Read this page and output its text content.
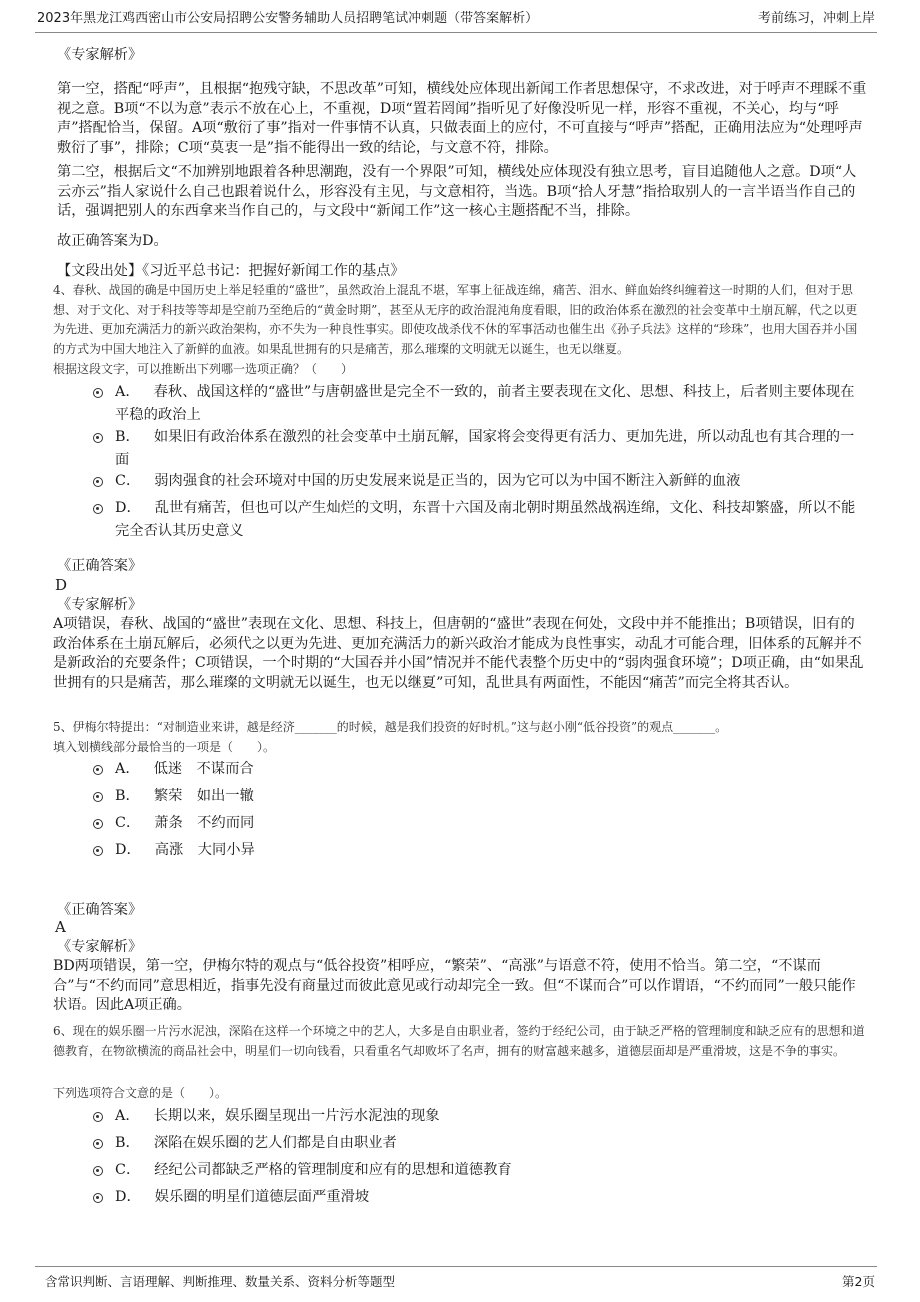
2023年黑龙江鸡西密山市公安局招聘公安警务辅助人员招聘笔试冲刺题（带答案解析）	考前练习，冲刺上岸
《专家解析》

第一空，搭配“呼声”，且根据“抱残守缺，不思改革”可知，横线处应体现出新闻工作者思想保守，不求改进，对于呼声不理睬不重视之意。B项“不以为意”表示不放在心上，不重视，D项“置若罔闻”指听见了好像没听见一样，形容不重视，不关心，均与“呼声”搭配恰当，保留。A项“敷衍了事”指对一件事情不认真，只做表面上的应付，不可直接与“呼声”搭配，正确用法应为“处理呼声敷衍了事”，排除；C项“莫衷一是”指不能得出一致的结论，与文意不符，排除。

第二空，根据后文“不加辨别地跟着各种思潮跑，没有一个界限”可知，横线处应体现没有独立思考，盲目追随他人之意。D项“人云亦云”指人家说什么自己也跟着说什么，形容没有主见，与文意相符，当选。B项“拾人牙慧”指拾取别人的一言半语当作自己的话，强调把别人的东西拿来当作自己的，与文段中“新闻工作”这一核心主题搭配不当，排除。

故正确答案为D。
【文段出处】《习近平总书记：把握好新闻工作的基点》

4、春秋、战国的确是中国历史上举足轻重的“盛世”，虽然政治上混乱不堪，军事上征战连绵，痛苦、泪水、鲜血始终纠缠着这一时期的人们，但对于思想、对于文化、对于科技等等却是空前乃至绝后的“黄金时期”，甚至从无序的政治混沌角度看眼，旧的政治体系在激烈的社会变革中土崩瓦解，代之以更为先进、更加充满活力的新兴政治架构，亦不失为一种良性事实。即使攻战杀伐不休的军事活动也催生出《孙子兵法》这样的“珍珠”，也用大国吞并小国的方式为中国大地注入了新鲜的血液。如果乱世拥有的只是痛苦，那么璀璨的文明就无以诞生，也无以继夏。

根据这段文字，可以推断出下列哪一选项正确？（　　）
A． 春秋、战国这样的“盛世”与唐朝盛世是完全不一致的，前者主要表现在文化、思想、科技上，后者则主要体现在平稳的政治上
B． 如果旧有政治体系在激烈的社会变革中土崩瓦解，国家将会变得更有活力、更加先进，所以动乱也有其合理的一面
C． 弱肉强食的社会环境对中国的历史发展来说是正当的，因为它可以为中国不断注入新鲜的血液
D． 乱世有痛苦，但也可以产生灿烂的文明，东晋十六国及南北朝时期虽然战祸连绵，文化、科技却繁盛，所以不能完全否认其历史意义
《正确答案》
D
《专家解析》

A项错误，春秋、战国的“盛世”表现在文化、思想、科技上，但唐朝的“盛世”表现在何处，文段中并不能推出；B项错误，旧有的政治体系在土崩瓦解后，必须代之以更为先进、更加充满活力的新兴政治才能成为良性事实，动乱才可能合理，旧体系的瓦解并不是新政治的充要条件；C项错误，一个时期的“大国吞并小国”情况并不能代表整个历史中的“弱肉强食环境”；D项正确，由“如果乱世拥有的只是痛苦，那么璀璨的文明就无以诞生，也无以继夏”可知，乱世具有两面性，不能因“痛苦”而完全将其否认。

5、伊梅尔特提出：“对制造业来讲，越是经济_______的时候，越是我们投资的好时机。”这与赵小刚“低谷投资”的观点_______。
填入划横线部分最恰当的一项是（　　）。
A． 低迷　不谋而合
B． 繁荣　如出一辙
C． 萧条　不约而同
D． 高涨　大同小异
《正确答案》
A
《专家解析》

BD两项错误，第一空，伊梅尔特的观点与“低谷投资”相呼应，“繁荣”、“高涨”与语意不符，使用不恰当。第二空，“不谋而合”与“不约而同”意思相近，指事先没有商量过而彼此意见或行动却完全一致。但“不谋而合”可以作谓语，“不约而同”一般只能作状语。因此A项正确。

6、现在的娱乐圈一片污水泥浊，深陷在这样一个环境之中的艺人，大多是自由职业者，签约于经纪公司，由于缺乏严格的管理制度和缺乏应有的思想和道德教育，在物欲横流的商品社会中，明星们一切向钱看，只看重名气却败坏了名声，拥有的财富越来越多，道德层面却是严重滑坡，这是不争的事实。

下列选项符合文意的是（　　）。
A． 长期以来，娱乐圈呈现出一片污水泥浊的现象
B． 深陷在娱乐圈的艺人们都是自由职业者
C． 经纪公司都缺乏严格的管理制度和应有的思想和道德教育
D． 娱乐圈的明星们道德层面严重滑坡
含常识判断、言语理解、判断推理、数量关系、资料分析等题型	第2页
